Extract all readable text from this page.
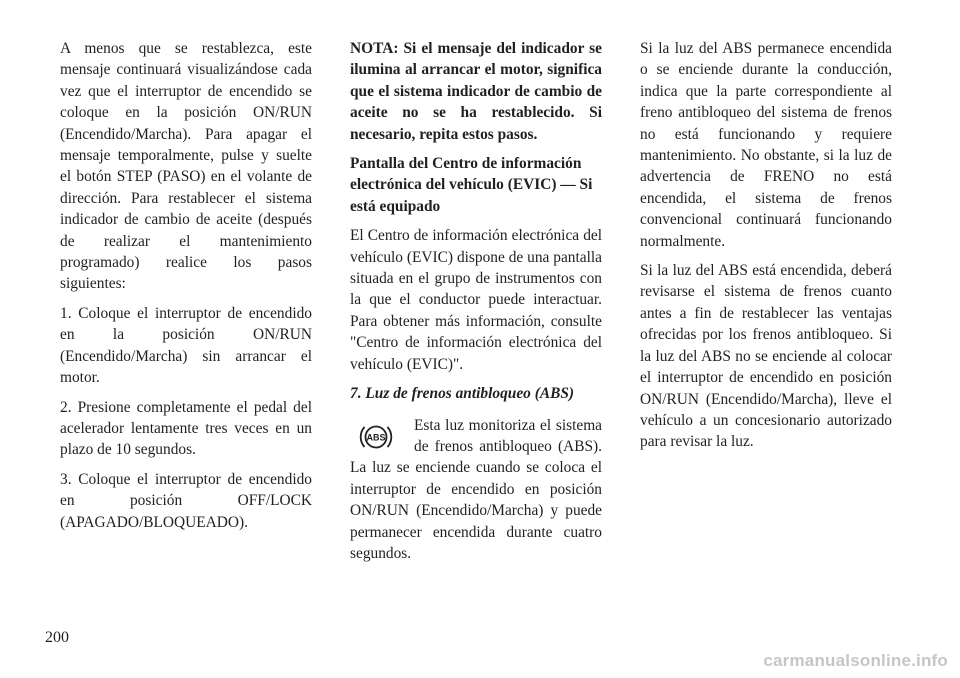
A menos que se restablezca, este mensaje continuará visualizándose cada vez que el interruptor de encendido se coloque en la posición ON/RUN (Encendido/Marcha). Para apagar el mensaje temporalmente, pulse y suelte el botón STEP (PASO) en el volante de dirección. Para restablecer el sistema indicador de cambio de aceite (después de realizar el mantenimiento programado) realice los pasos siguientes:

1. Coloque el interruptor de encendido en la posición ON/RUN (Encendido/Marcha) sin arrancar el motor.

2. Presione completamente el pedal del acelerador lentamente tres veces en un plazo de 10 segundos.

3. Coloque el interruptor de encendido en posición OFF/LOCK (APAGADO/BLOQUEADO).

NOTA: Si el mensaje del indicador se ilumina al arrancar el motor, significa que el sistema indicador de cambio de aceite no se ha restablecido. Si necesario, repita estos pasos.

Pantalla del Centro de información electrónica del vehículo (EVIC) — Si está equipado

El Centro de información electrónica del vehículo (EVIC) dispone de una pantalla situada en el grupo de instrumentos con la que el conductor puede interactuar. Para obtener más información, consulte "Centro de información electrónica del vehículo (EVIC)".

7. Luz de frenos antibloqueo (ABS)

ABS

Esta luz monitoriza el sistema de frenos antibloqueo (ABS). La luz se enciende cuando se coloca el interruptor de encendido en posición ON/RUN (Encendido/Marcha) y puede permanecer encendida durante cuatro segundos.

Si la luz del ABS permanece encendida o se enciende durante la conducción, indica que la parte correspondiente al freno antibloqueo del sistema de frenos no está funcionando y requiere mantenimiento. No obstante, si la luz de advertencia de FRENO no está encendida, el sistema de frenos convencional continuará funcionando normalmente.

Si la luz del ABS está encendida, deberá revisarse el sistema de frenos cuanto antes a fin de restablecer las ventajas ofrecidas por los frenos antibloqueo. Si la luz del ABS no se enciende al colocar el interruptor de encendido en posición ON/RUN (Encendido/Marcha), lleve el vehículo a un concesionario autorizado para revisar la luz.

200
carmanualsonline.info
